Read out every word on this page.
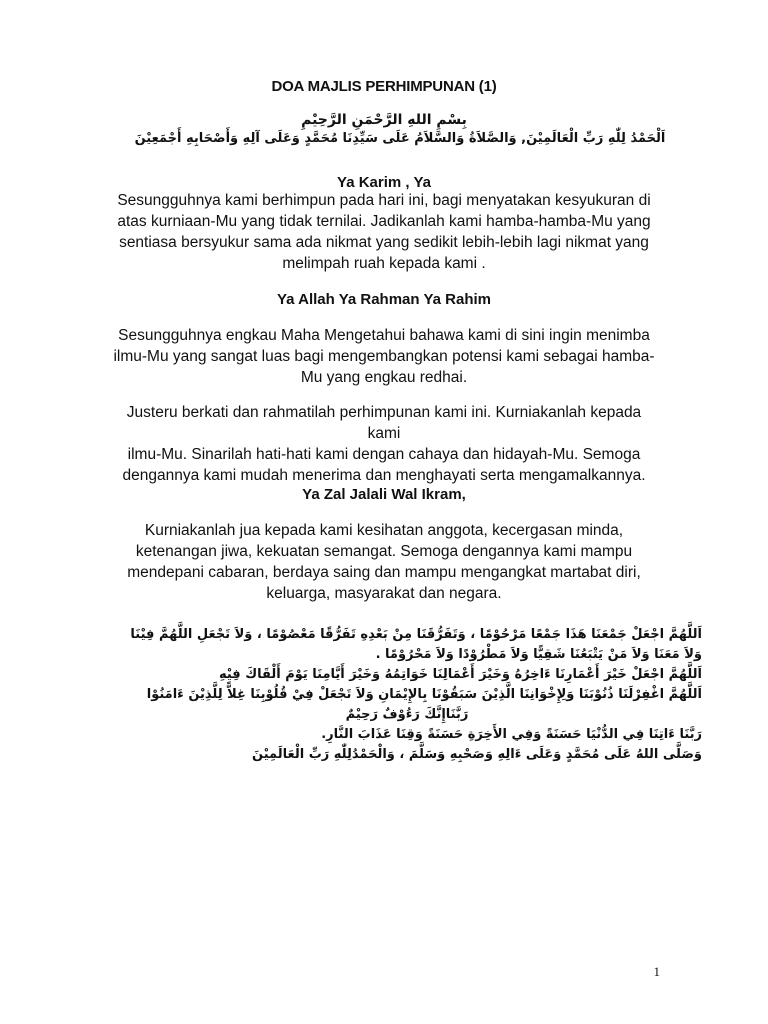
DOA MAJLIS PERHIMPUNAN (1)
بِسْمِ اللهِ الرَّحْمَنِ الرَّحِيْمِ
اَلْحَمْدُ لِلّٰهِ رَبِّ الْعَالَمِيْنَ, وَالصَّلاَةُ وَالسَّلاَمُ عَلَى سَيِّدِنَا مُحَمَّدٍ وَعَلَى آلِهِ وَأَصْحَابِهِ أَجْمَعِيْنَ
Ya Karim , Ya
Sesungguhnya kami berhimpun pada hari ini, bagi menyatakan kesyukuran di
atas kurniaan-Mu yang tidak ternilai. Jadikanlah kami hamba-hamba-Mu yang
sentiasa bersyukur sama ada nikmat yang sedikit lebih-lebih lagi nikmat yang
melimpah ruah kepada kami .
Ya Allah Ya Rahman Ya Rahim
Sesungguhnya engkau Maha Mengetahui bahawa kami di sini ingin menimba
ilmu-Mu yang sangat luas bagi mengembangkan potensi kami sebagai hamba-
Mu yang engkau redhai.
Justeru berkati dan rahmatilah perhimpunan kami ini. Kurniakanlah kepada kami
ilmu-Mu. Sinarilah hati-hati kami dengan cahaya dan hidayah-Mu. Semoga
dengannya kami mudah menerima dan menghayati serta mengamalkannya.
Ya Zal Jalali Wal Ikram,
Kurniakanlah jua kepada kami kesihatan anggota, kecergasan minda,
ketenangan jiwa, kekuatan semangat. Semoga dengannya kami mampu
mendepani cabaran, berdaya saing dan mampu mengangkat martabat diri,
keluarga, masyarakat dan negara.
اَللَّهُمَّ اجْعَلْ جَمْعَنَا هَذَا جَمْعًا مَرْحُوْمًا ، وَتَفَرُّقَنَا مِنْ بَعْدِهِ تَفَرُّقًا مَعْصُوْمًا ، وَلاَ تَجْعَلِ اللَّهُمَّ فِيْنَا
وَلاَ مَعَنَا وَلاَ مَنْ يَتْبَعُنَا شَقِيًّا وَلاَ مَطْرُوْدًا وَلاَ مَحْرُوْمًا .
اَللَّهُمَّ اجْعَلْ خَيْرَ أَعْمَارِنَا ءَاخِرُهُ وَخَيْرَ أَعْمَالِنَا خَوَاتِمُهُ وَخَيْرَ أَيَّامِنَا يَوْمَ أَلْقَاكَ فِيْهِ
اَللَّهُمَّ اغْفِرْلَنَا ذُنُوْبَنَا وَلِإِخْوَانِنَا الَّذِيْنَ سَبَقُوْنَا بِالإِيْمَانِ وَلاَ تَجْعَلْ فِيْ قُلُوْبِنَا غِلاًّ لِلَّذِيْنَ ءَامَنُوْا
رَبَّنَاإِنَّكَ رَءُوْفٌ رَحِيْمٌ
رَبَّنَا ءَاتِنَا فِي الدُّنْيَا حَسَنَةً وَفِي الأَخِرَةِ حَسَنَةً وَقِنَا عَذَابَ النَّارِ.
وَصَلَّى اللهُ عَلَى مُحَمَّدٍ وَعَلَى ءَالِهِ وَصَحْبِهِ وَسَلَّمَ ، وَالْحَمْدُلِلّٰهِ رَبِّ الْعَالَمِيْنَ
1
